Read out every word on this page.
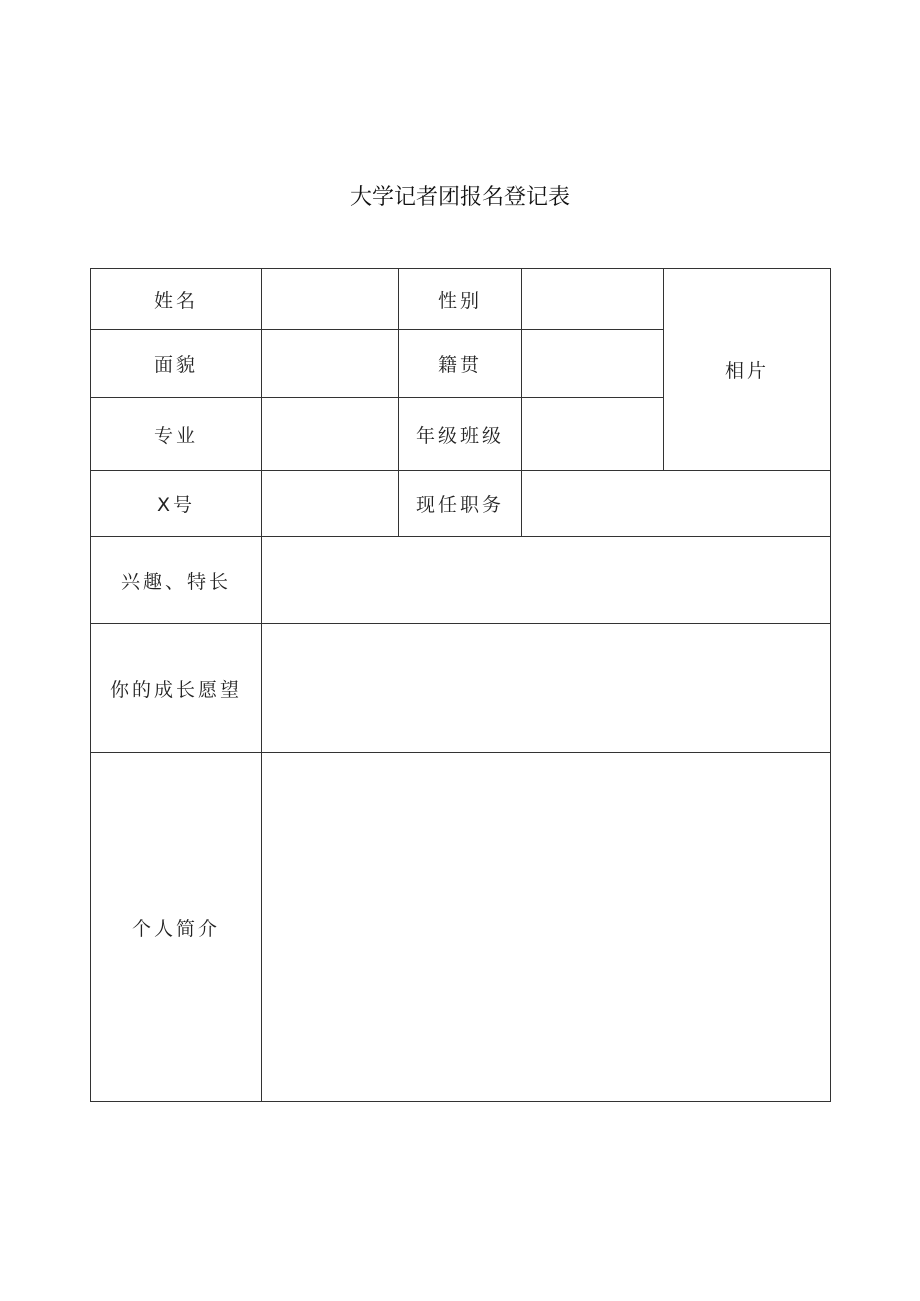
大学记者团报名登记表
姓名		性别		相片
面貌		籍贯		
专业		年级班级		
X号		现任职务		
兴趣、特长				
你的成长愿望				
个人简介				
